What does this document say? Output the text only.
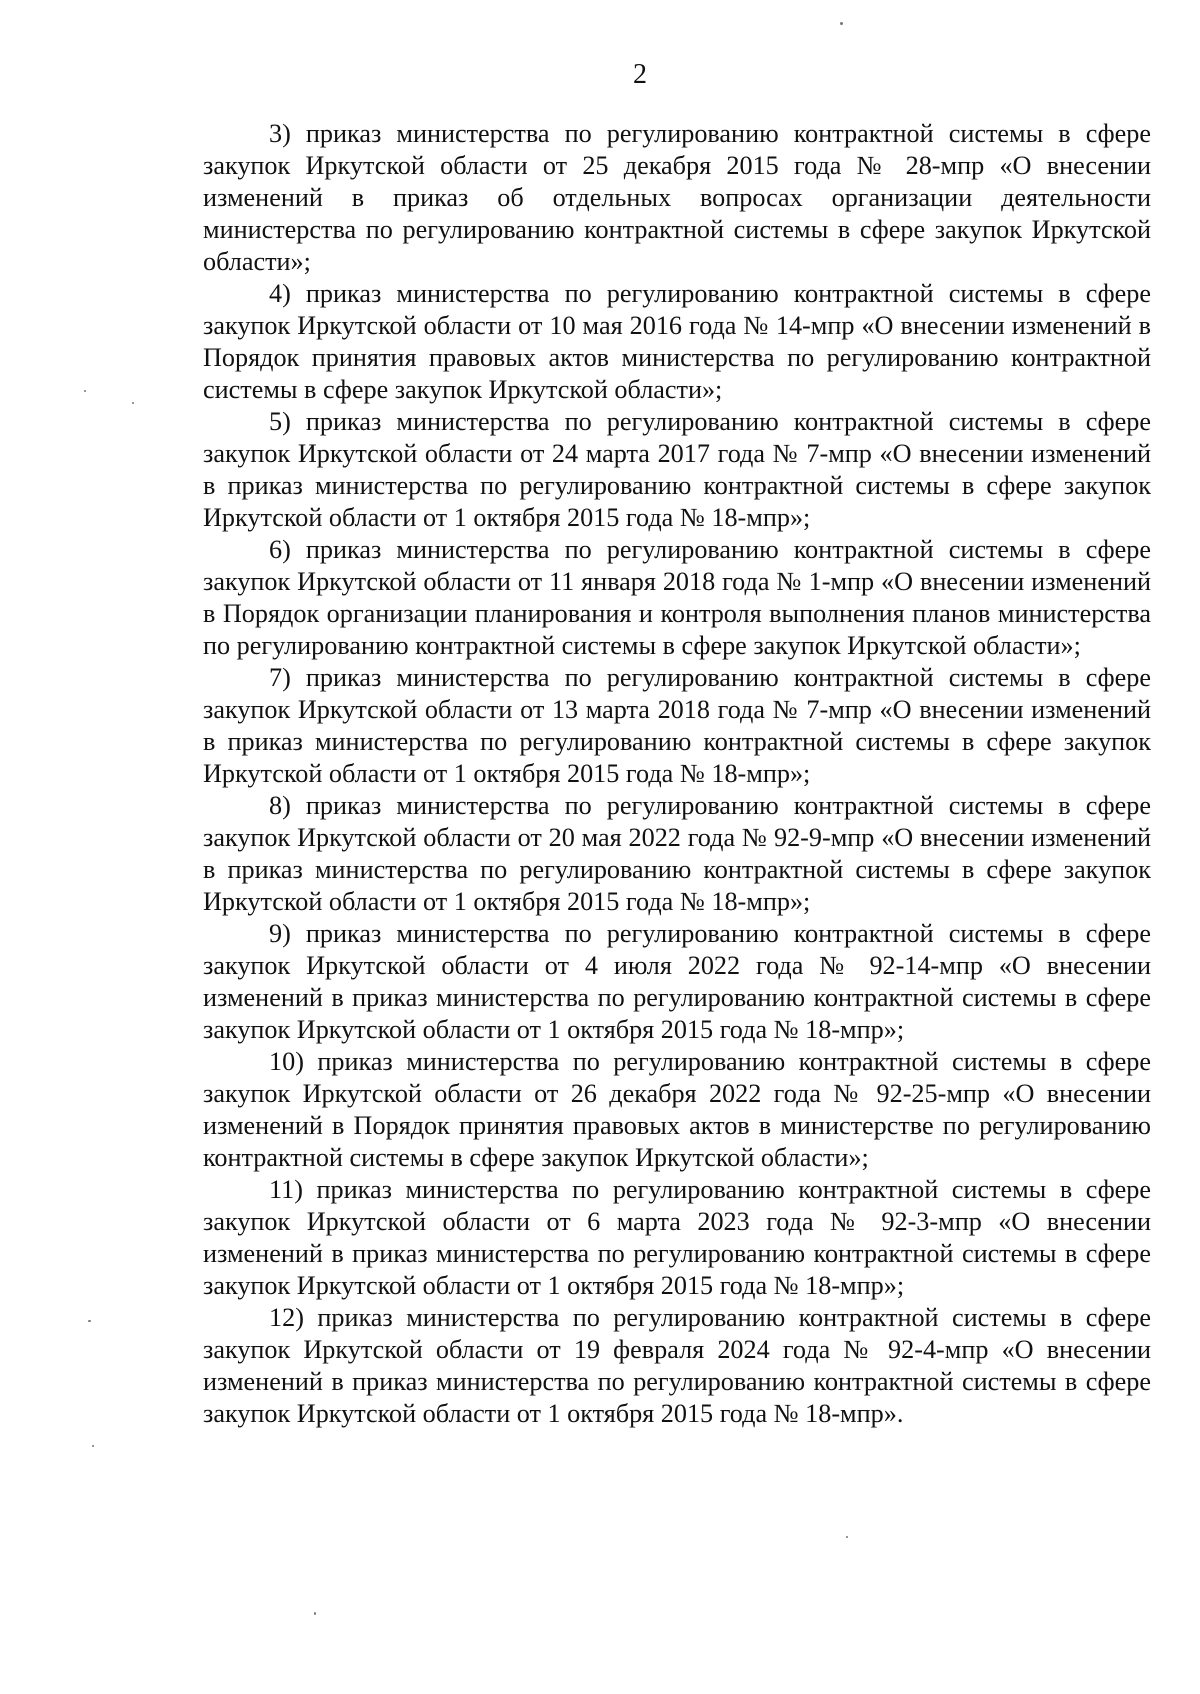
2

3) приказ министерства по регулированию контрактной системы в сфере закупок Иркутской области от 25 декабря 2015 года № 28-мпр «О внесении изменений в приказ об отдельных вопросах организации деятельности министерства по регулированию контрактной системы в сфере закупок Иркутской области»;

4) приказ министерства по регулированию контрактной системы в сфере закупок Иркутской области от 10 мая 2016 года № 14-мпр «О внесении изменений в Порядок принятия правовых актов министерства по регулированию контрактной системы в сфере закупок Иркутской области»;

5) приказ министерства по регулированию контрактной системы в сфере закупок Иркутской области от 24 марта 2017 года № 7-мпр «О внесении изменений в приказ министерства по регулированию контрактной системы в сфере закупок Иркутской области от 1 октября 2015 года № 18-мпр»;

6) приказ министерства по регулированию контрактной системы в сфере закупок Иркутской области от 11 января 2018 года № 1-мпр «О внесении изменений в Порядок организации планирования и контроля выполнения планов министерства по регулированию контрактной системы в сфере закупок Иркутской области»;

7) приказ министерства по регулированию контрактной системы в сфере закупок Иркутской области от 13 марта 2018 года № 7-мпр «О внесении изменений в приказ министерства по регулированию контрактной системы в сфере закупок Иркутской области от 1 октября 2015 года № 18-мпр»;

8) приказ министерства по регулированию контрактной системы в сфере закупок Иркутской области от 20 мая 2022 года № 92-9-мпр «О внесении изменений в приказ министерства по регулированию контрактной системы в сфере закупок Иркутской области от 1 октября 2015 года № 18-мпр»;

9) приказ министерства по регулированию контрактной системы в сфере закупок Иркутской области от 4 июля 2022 года № 92-14-мпр «О внесении изменений в приказ министерства по регулированию контрактной системы в сфере закупок Иркутской области от 1 октября 2015 года № 18-мпр»;

10) приказ министерства по регулированию контрактной системы в сфере закупок Иркутской области от 26 декабря 2022 года № 92-25-мпр «О внесении изменений в Порядок принятия правовых актов в министерстве по регулированию контрактной системы в сфере закупок Иркутской области»;

11) приказ министерства по регулированию контрактной системы в сфере закупок Иркутской области от 6 марта 2023 года № 92-3-мпр «О внесении изменений в приказ министерства по регулированию контрактной системы в сфере закупок Иркутской области от 1 октября 2015 года № 18-мпр»;

12) приказ министерства по регулированию контрактной системы в сфере закупок Иркутской области от 19 февраля 2024 года № 92-4-мпр «О внесении изменений в приказ министерства по регулированию контрактной системы в сфере закупок Иркутской области от 1 октября 2015 года № 18-мпр».
